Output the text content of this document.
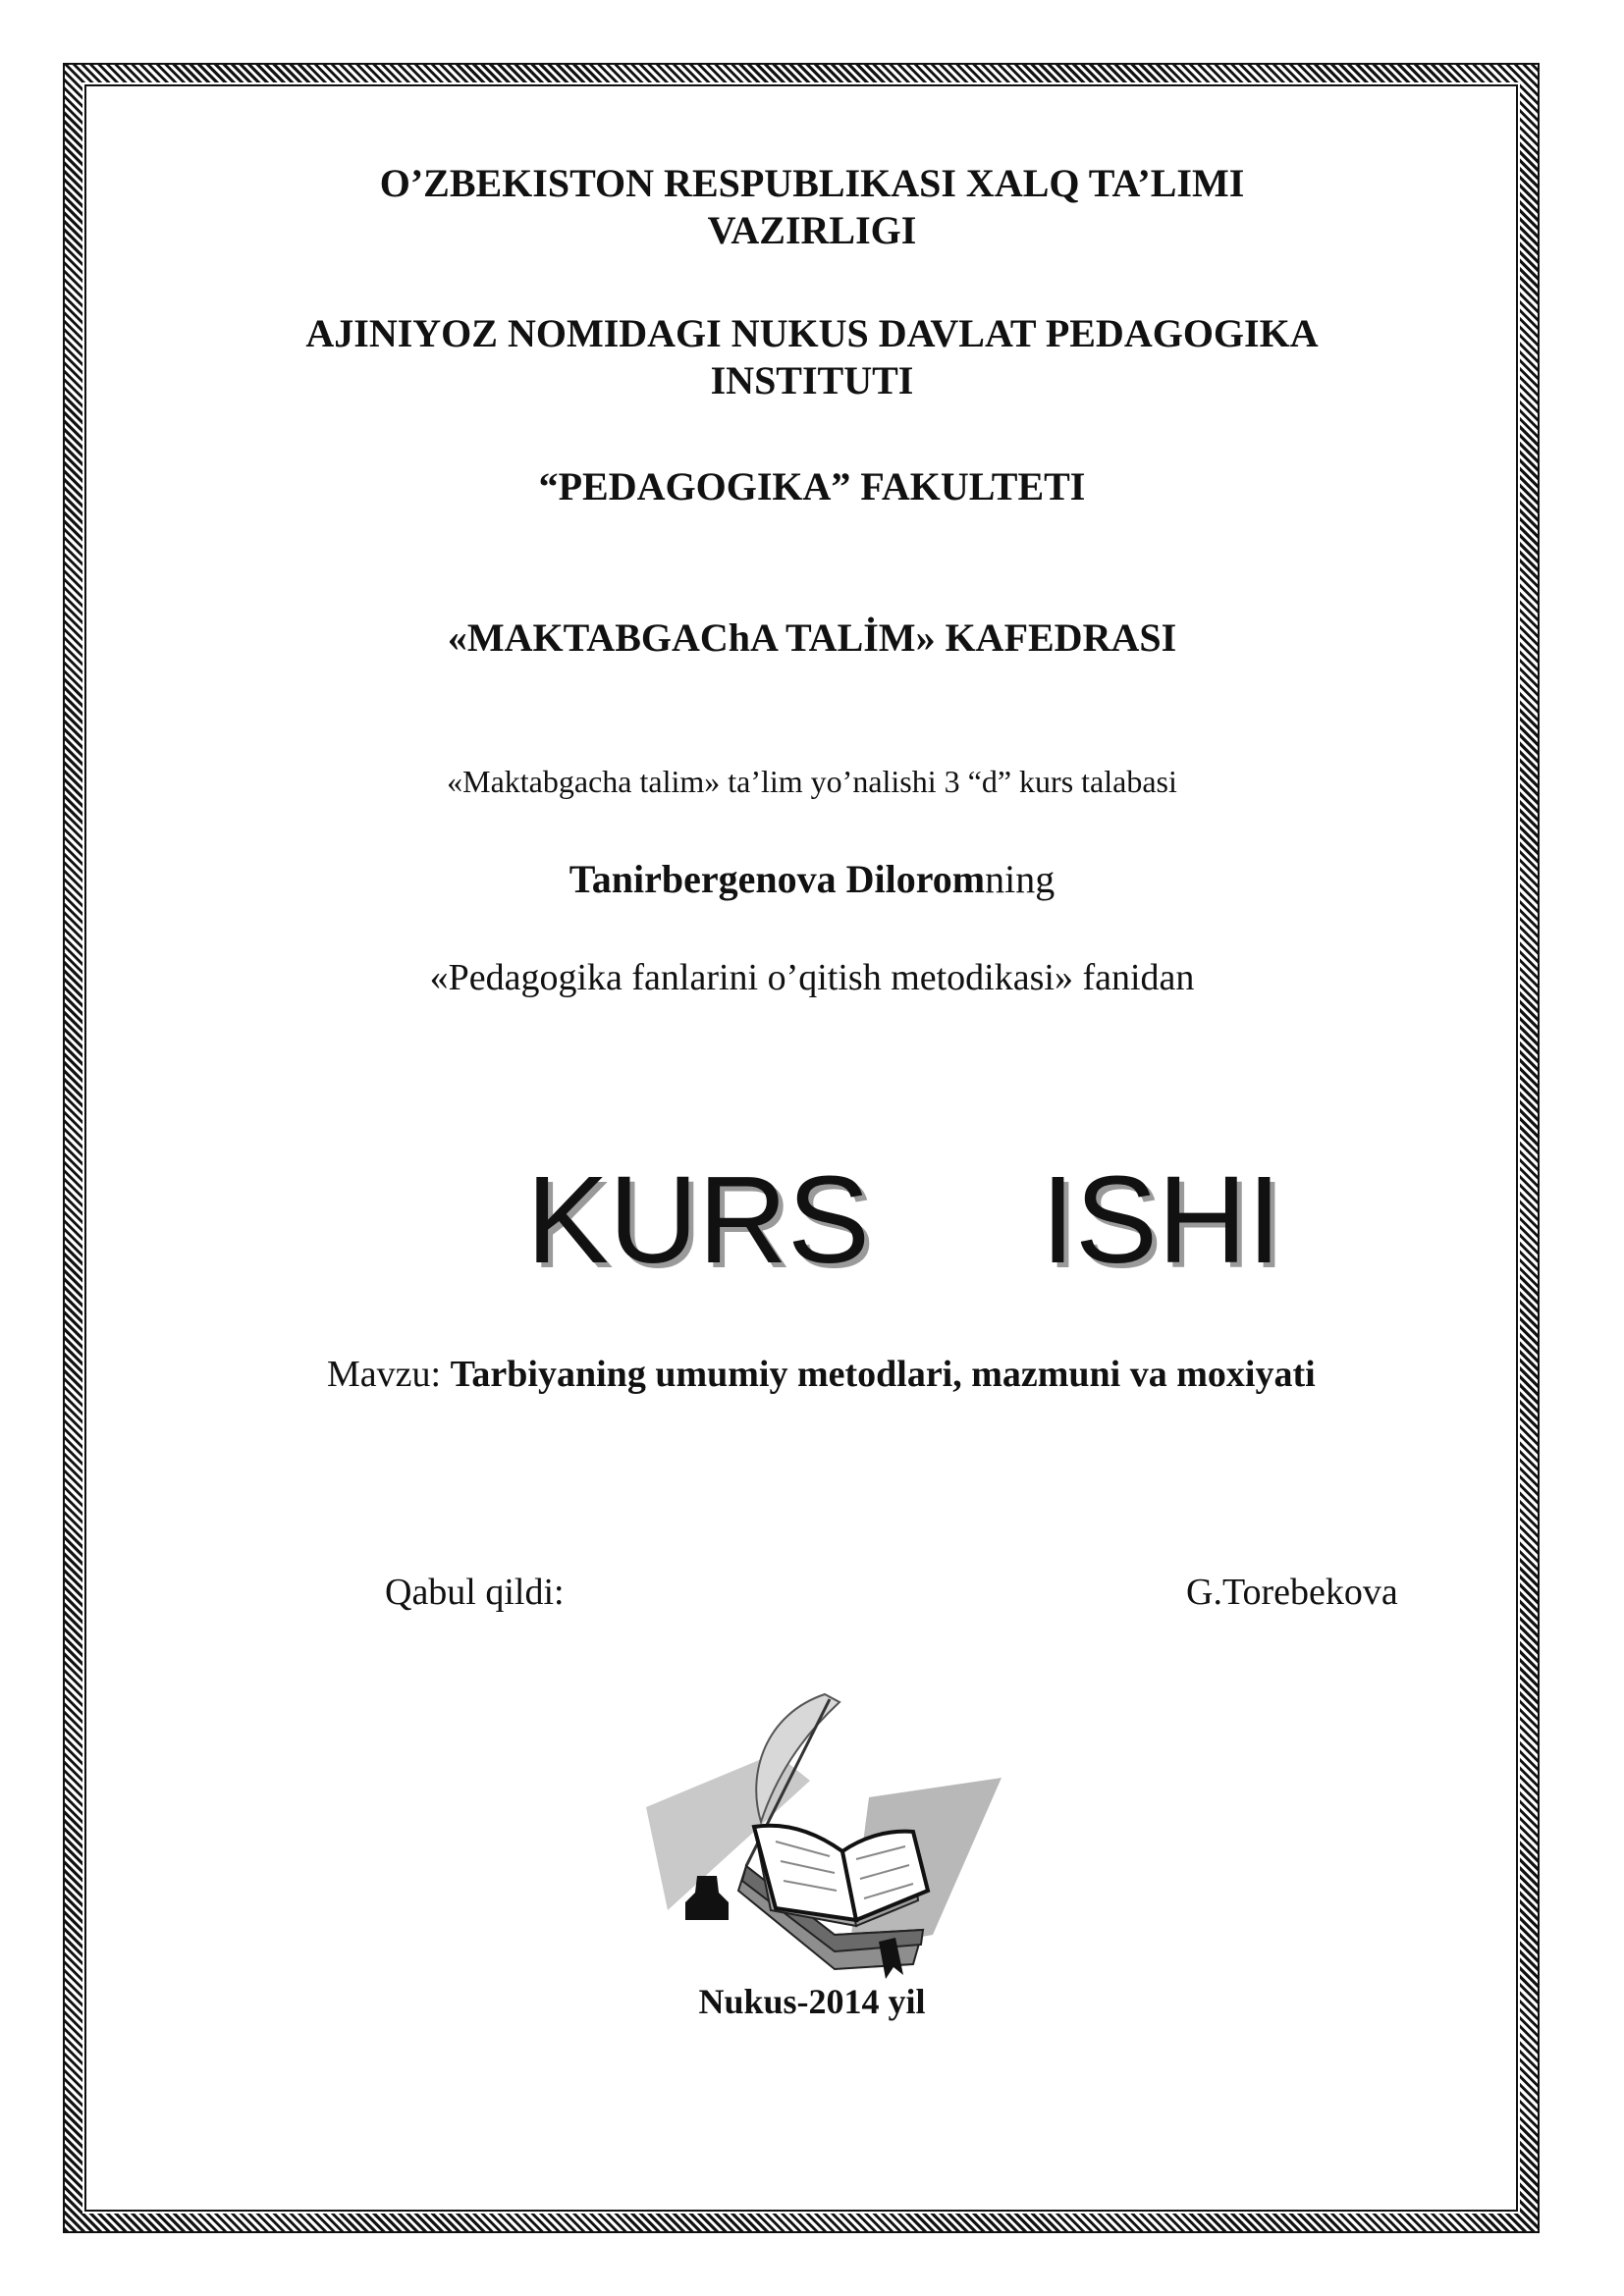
O’ZBEKISTON RESPUBLIKASI XALQ TA’LIMI
VAZIRLIGI
AJINIYOZ NOMIDAGI NUKUS DAVLAT PEDAGOGIKA
INSTITUTI
“PEDAGOGIKA” FAKULTETI
«MAKTABGAChA TALİM» KAFEDRASI
«Maktabgacha talim» ta’lim yo’nalishi 3 “d” kurs talabasi
Tanirbergenova Diloromning
«Pedagogika fanlarini o’qitish metodikasi» fanidan
KURS ISHI
Mavzu: Tarbiyaning umumiy metodlari, mazmuni va moxiyati
Qabul qildi:	G.Torebekova
Nukus-2014 yil
